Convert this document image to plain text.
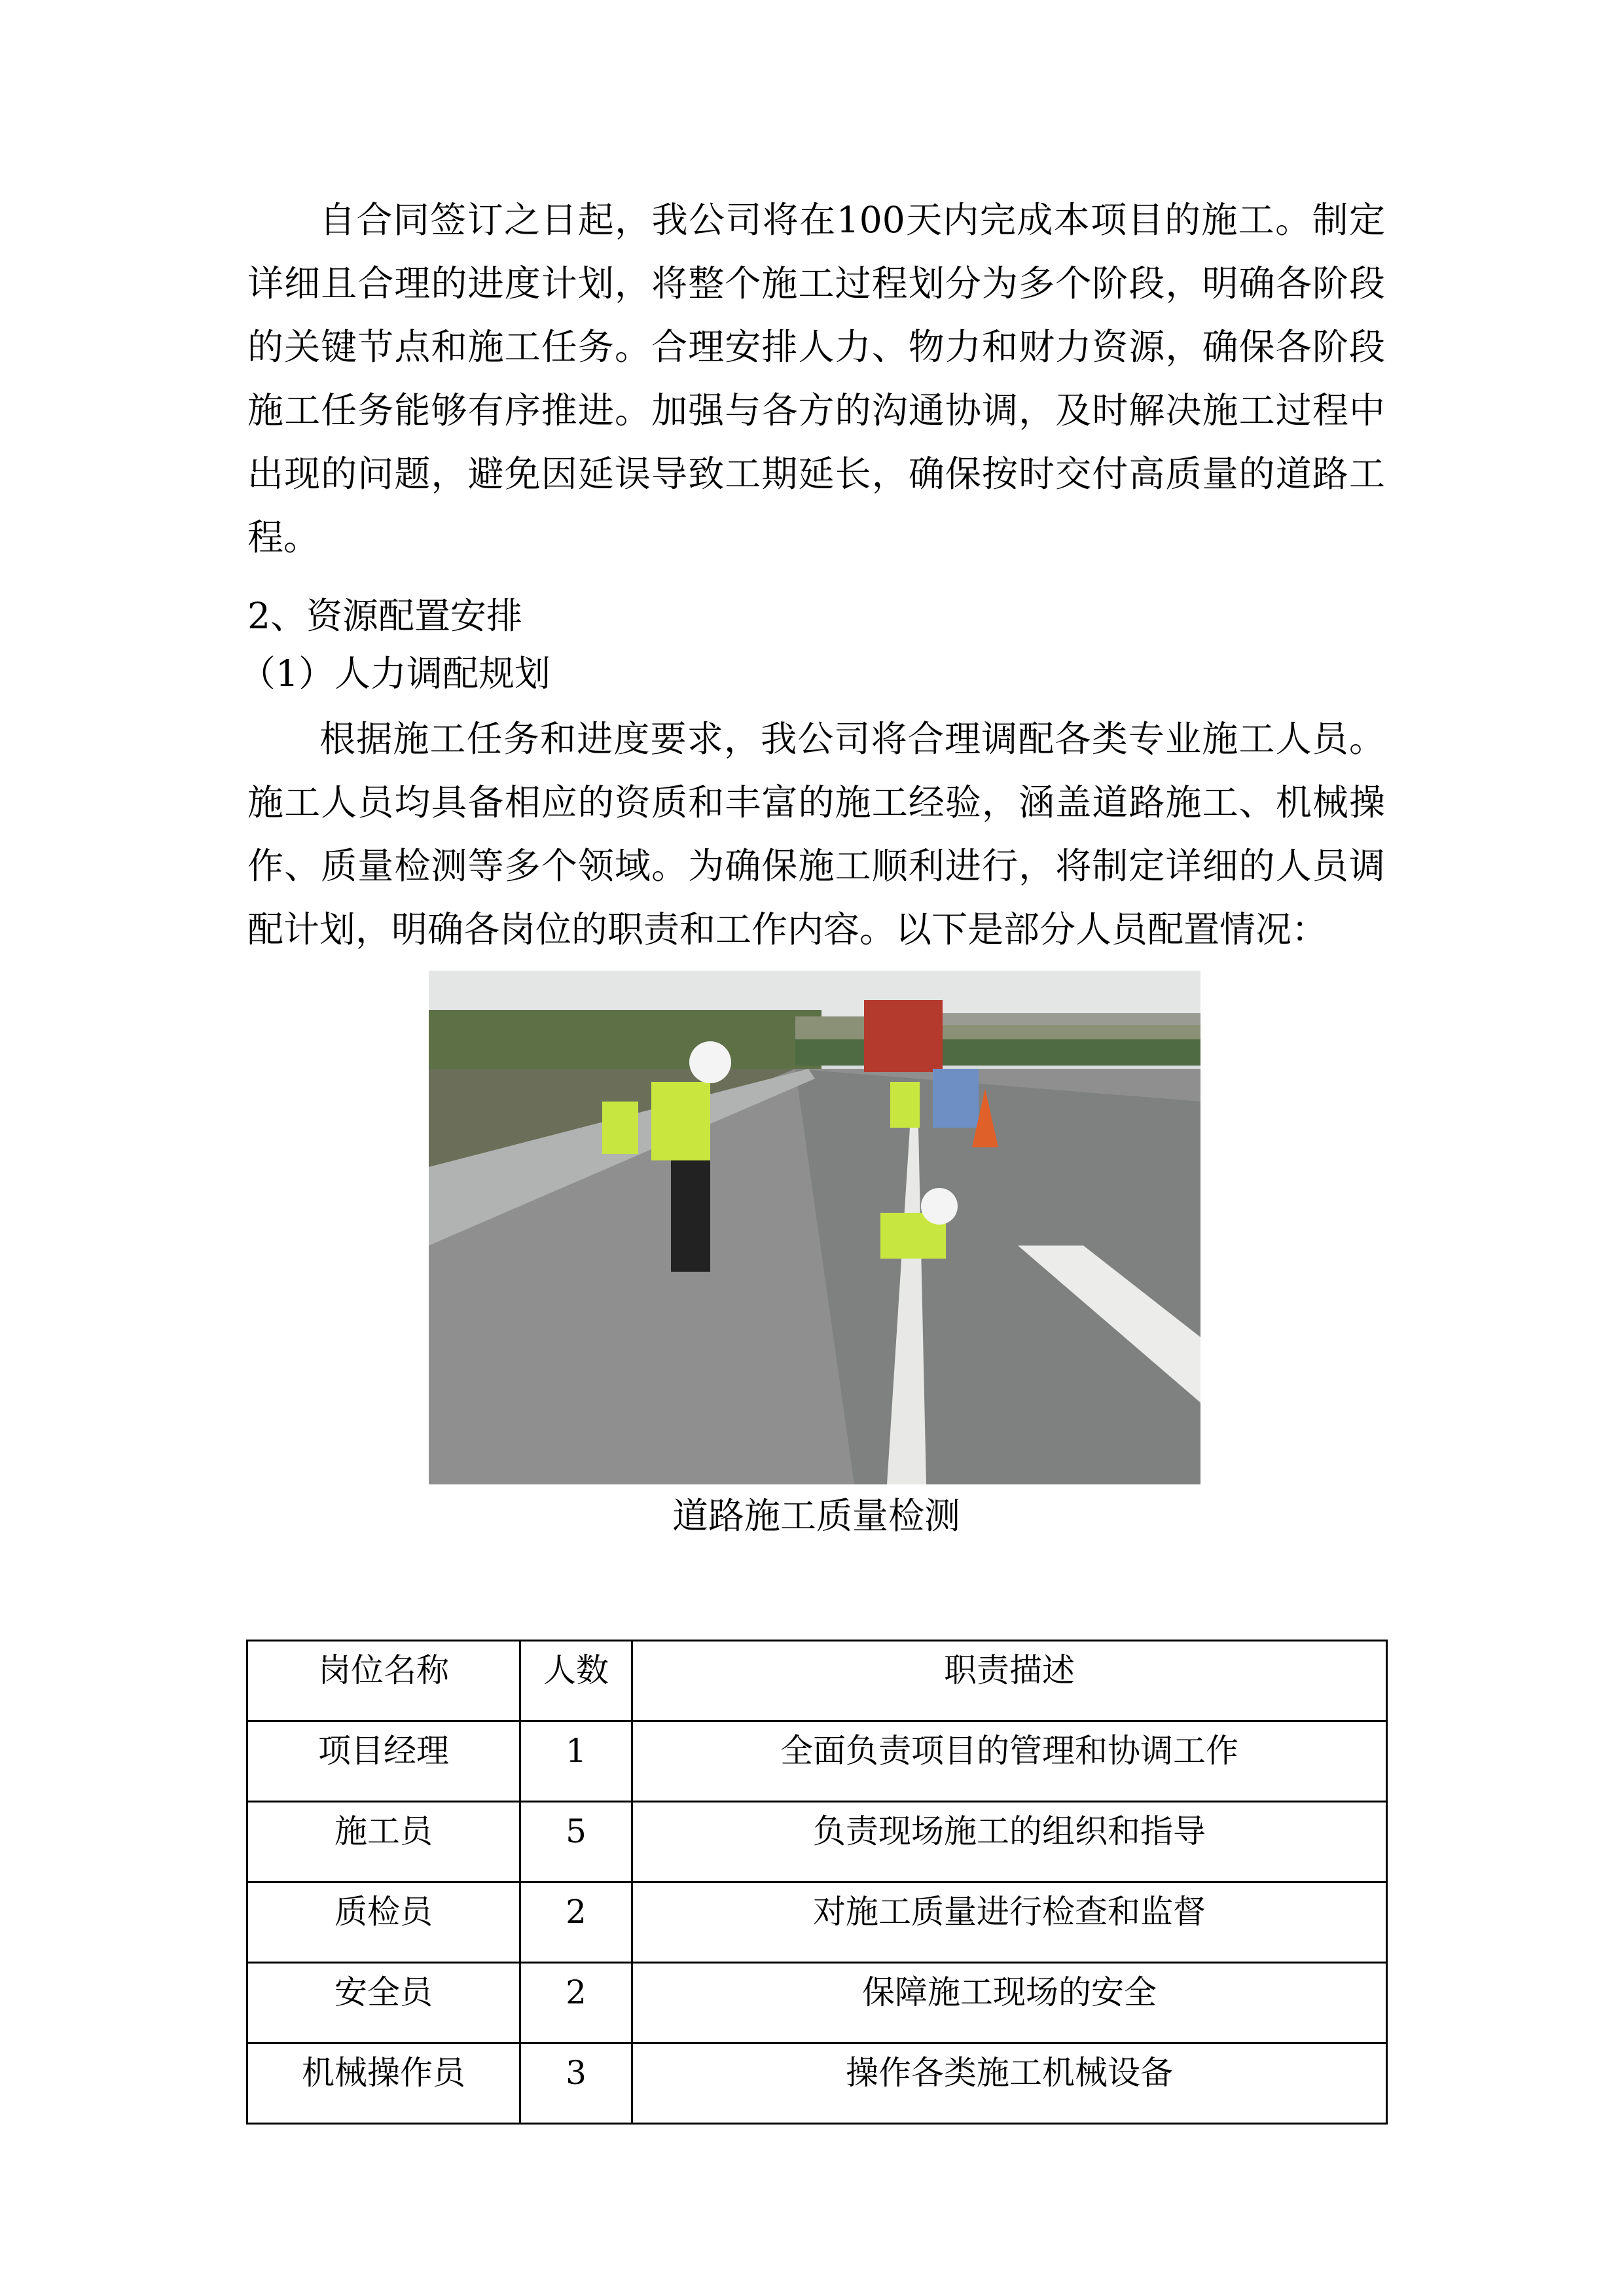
自合同签订之日起，我公司将在100天内完成本项目的施工。制定详细且合理的进度计划，将整个施工过程划分为多个阶段，明确各阶段的关键节点和施工任务。合理安排人力、物力和财力资源，确保各阶段施工任务能够有序推进。加强与各方的沟通协调，及时解决施工过程中出现的问题，避免因延误导致工期延长，确保按时交付高质量的道路工程。

2、资源配置安排

（1）人力调配规划

根据施工任务和进度要求，我公司将合理调配各类专业施工人员。施工人员均具备相应的资质和丰富的施工经验，涵盖道路施工、机械操作、质量检测等多个领域。为确保施工顺利进行，将制定详细的人员调配计划，明确各岗位的职责和工作内容。以下是部分人员配置情况：

道路施工质量检测

岗位名称	人数	职责描述
项目经理	1	全面负责项目的管理和协调工作
施工员	5	负责现场施工的组织和指导
质检员	2	对施工质量进行检查和监督
安全员	2	保障施工现场的安全
机械操作员	3	操作各类施工机械设备
